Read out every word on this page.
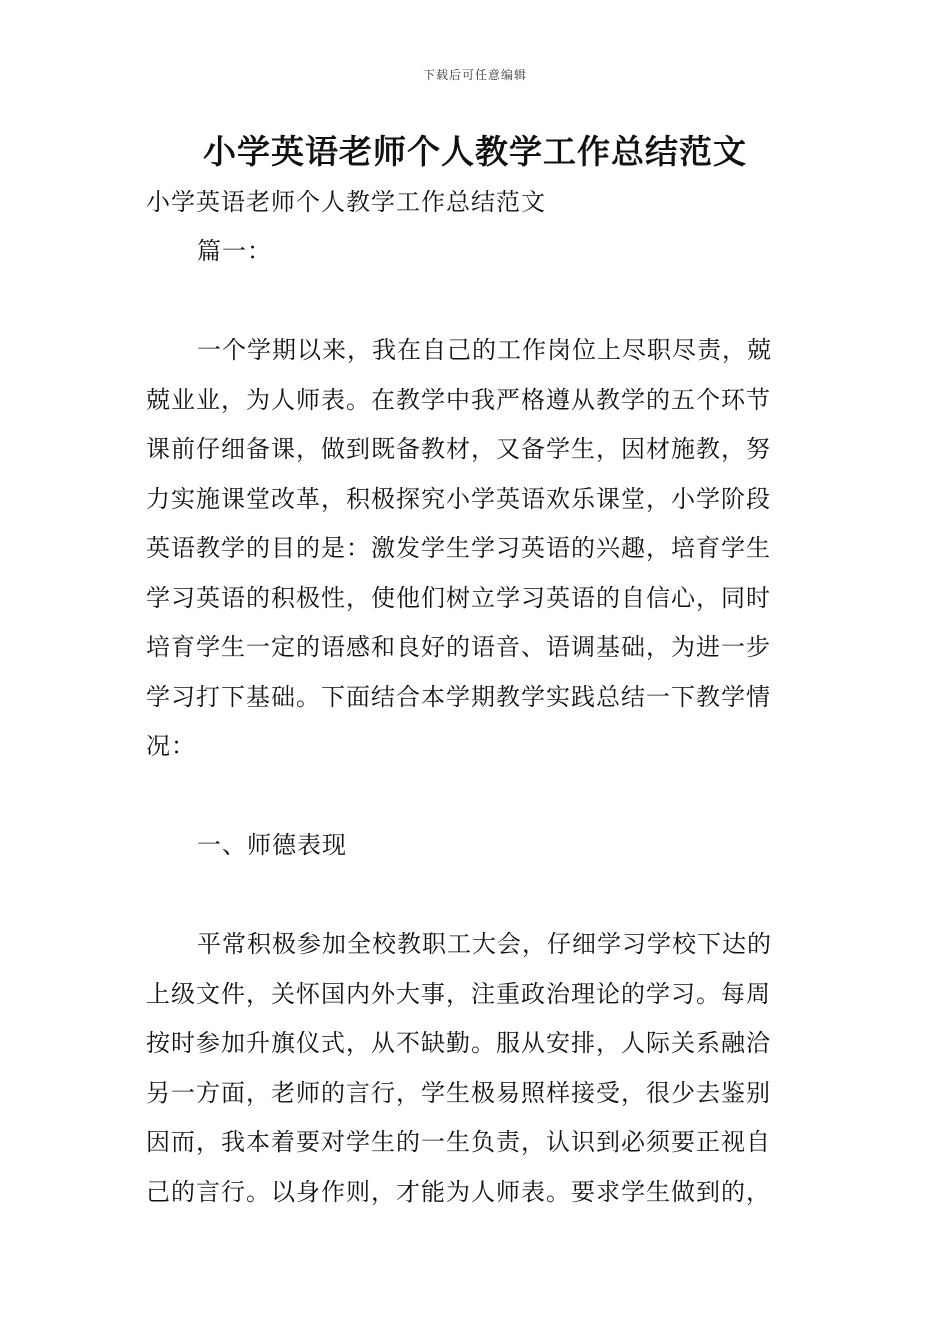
下载后可任意编辑
小学英语老师个人教学工作总结范文
小学英语老师个人教学工作总结范文
篇一：
一个学期以来，我在自己的工作岗位上尽职尽责，兢
兢业业，为人师表。在教学中我严格遵从教学的五个环节
课前仔细备课，做到既备教材，又备学生，因材施教，努
力实施课堂改革，积极探究小学英语欢乐课堂，小学阶段
英语教学的目的是：激发学生学习英语的兴趣，培育学生
学习英语的积极性，使他们树立学习英语的自信心，同时
培育学生一定的语感和良好的语音、语调基础，为进一步
学习打下基础。下面结合本学期教学实践总结一下教学情
况：
一、师德表现
平常积极参加全校教职工大会，仔细学习学校下达的
上级文件，关怀国内外大事，注重政治理论的学习。每周
按时参加升旗仪式，从不缺勤。服从安排，人际关系融洽
另一方面，老师的言行，学生极易照样接受，很少去鉴别
因而，我本着要对学生的一生负责，认识到必须要正视自
己的言行。以身作则，才能为人师表。要求学生做到的，
